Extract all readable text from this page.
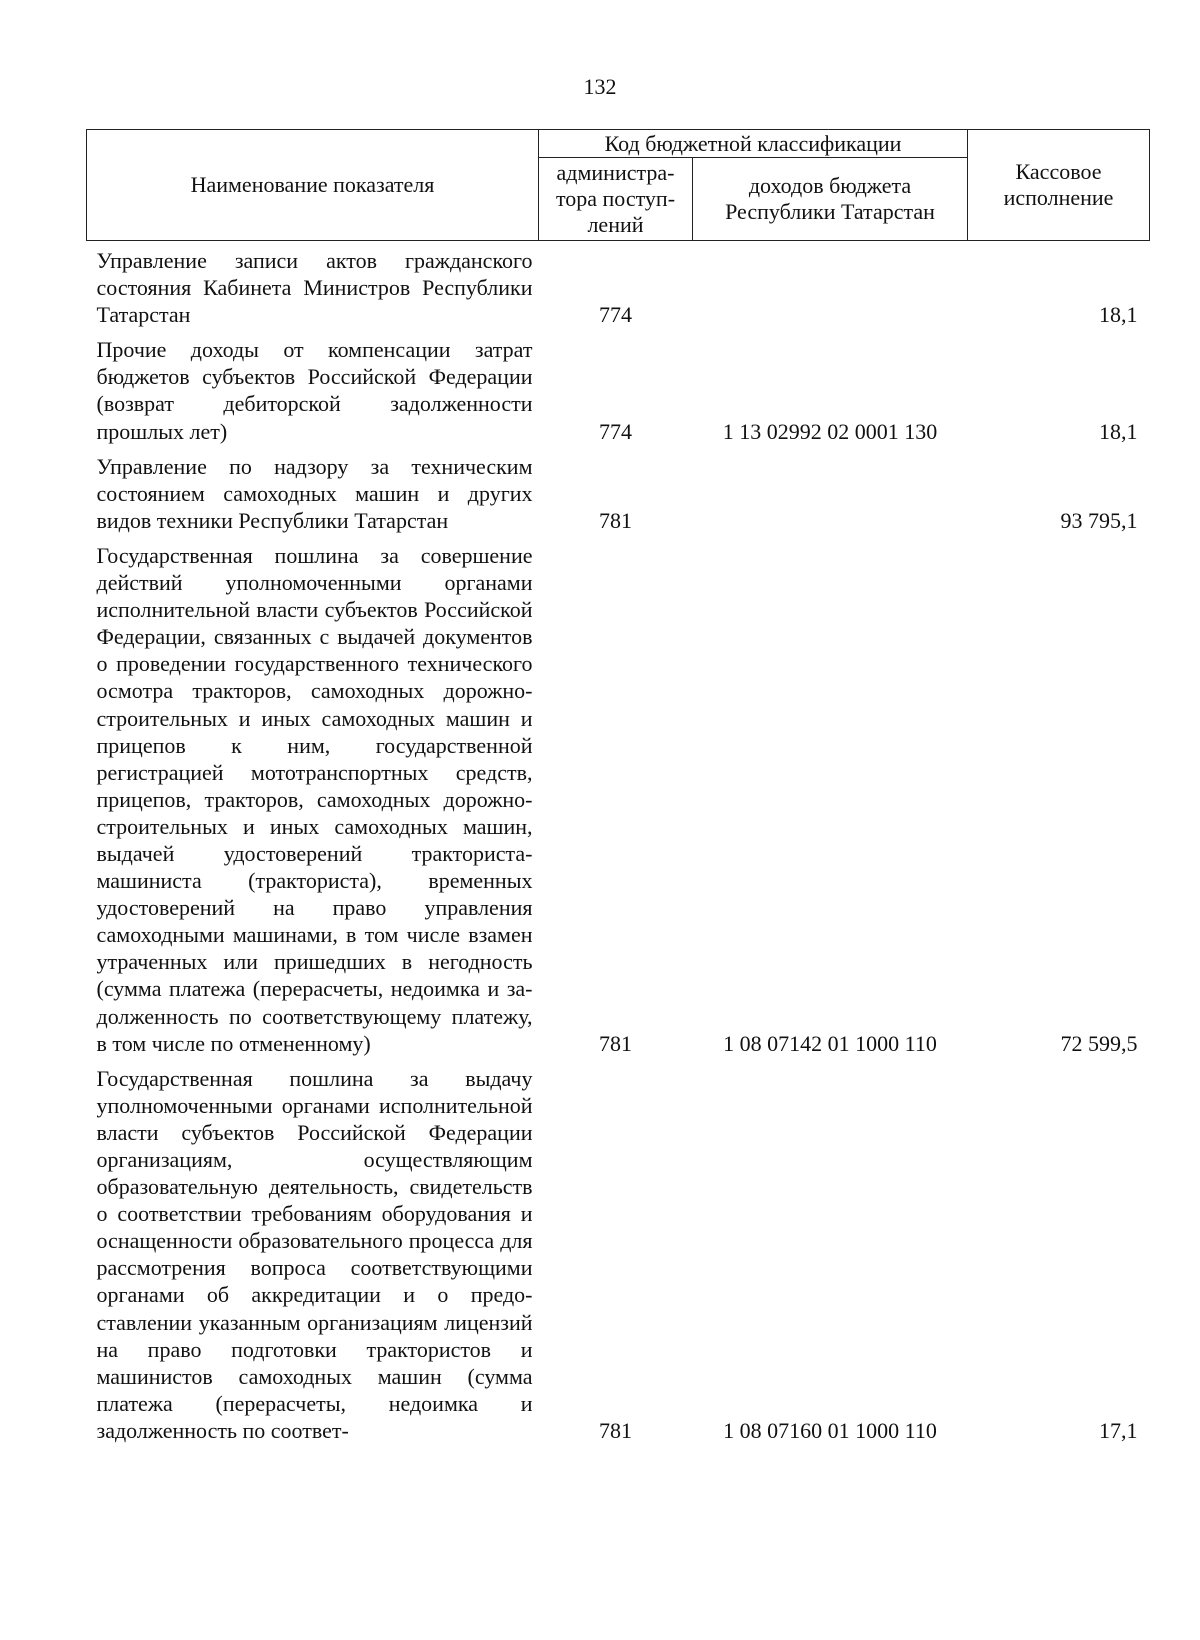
132
Наименование показателя	Код бюджетной классификации		Кассовое исполнение
	администра-тора поступ-лений	доходов бюджета Республики Татарстан	
Управление записи актов гражданского состояния Кабинета Министров Республики Татарстан	774		18,1
Прочие доходы от компенсации затрат бюджетов субъектов Российской Федерации (возврат дебиторской задолженности прошлых лет)	774	1 13 02992 02 0001 130	18,1
Управление по надзору за техническим состоянием самоходных машин и других видов техники Республики Татарстан	781		93 795,1
Государственная пошлина за совершение действий уполномоченными органами исполнительной власти субъектов Российской Федерации, связанных с выдачей документов о проведении государственного технического осмотра тракторов, самоходных дорожно-строительных и иных самоходных машин и прицепов к ним, государственной регистрацией мототранспортных средств, прицепов, тракторов, самоходных дорожно-строительных и иных самоходных машин, выдачей удостоверений тракториста-машиниста (тракториста), временных удостоверений на право управления самоходными машинами, в том числе взамен утраченных или пришедших в негодность (сумма платежа (перерасчеты, недоимка и задолженность по соответствующему платежу, в том числе по отмененному)	781	1 08 07142 01 1000 110	72 599,5
Государственная пошлина за выдачу уполномоченными органами исполнительной власти субъектов Российской Федерации организациям, осуществляющим образовательную деятельность, свидетельств о соответствии требованиям оборудования и оснащенности образовательного процесса для рассмотрения вопроса соответствующими органами об аккредитации и о предоставлении указанным организациям лицензий на право подготовки трактористов и машинистов самоходных машин (сумма платежа (перерасчеты, недоимка и задолженность по соответ-	781	1 08 07160 01 1000 110	17,1
